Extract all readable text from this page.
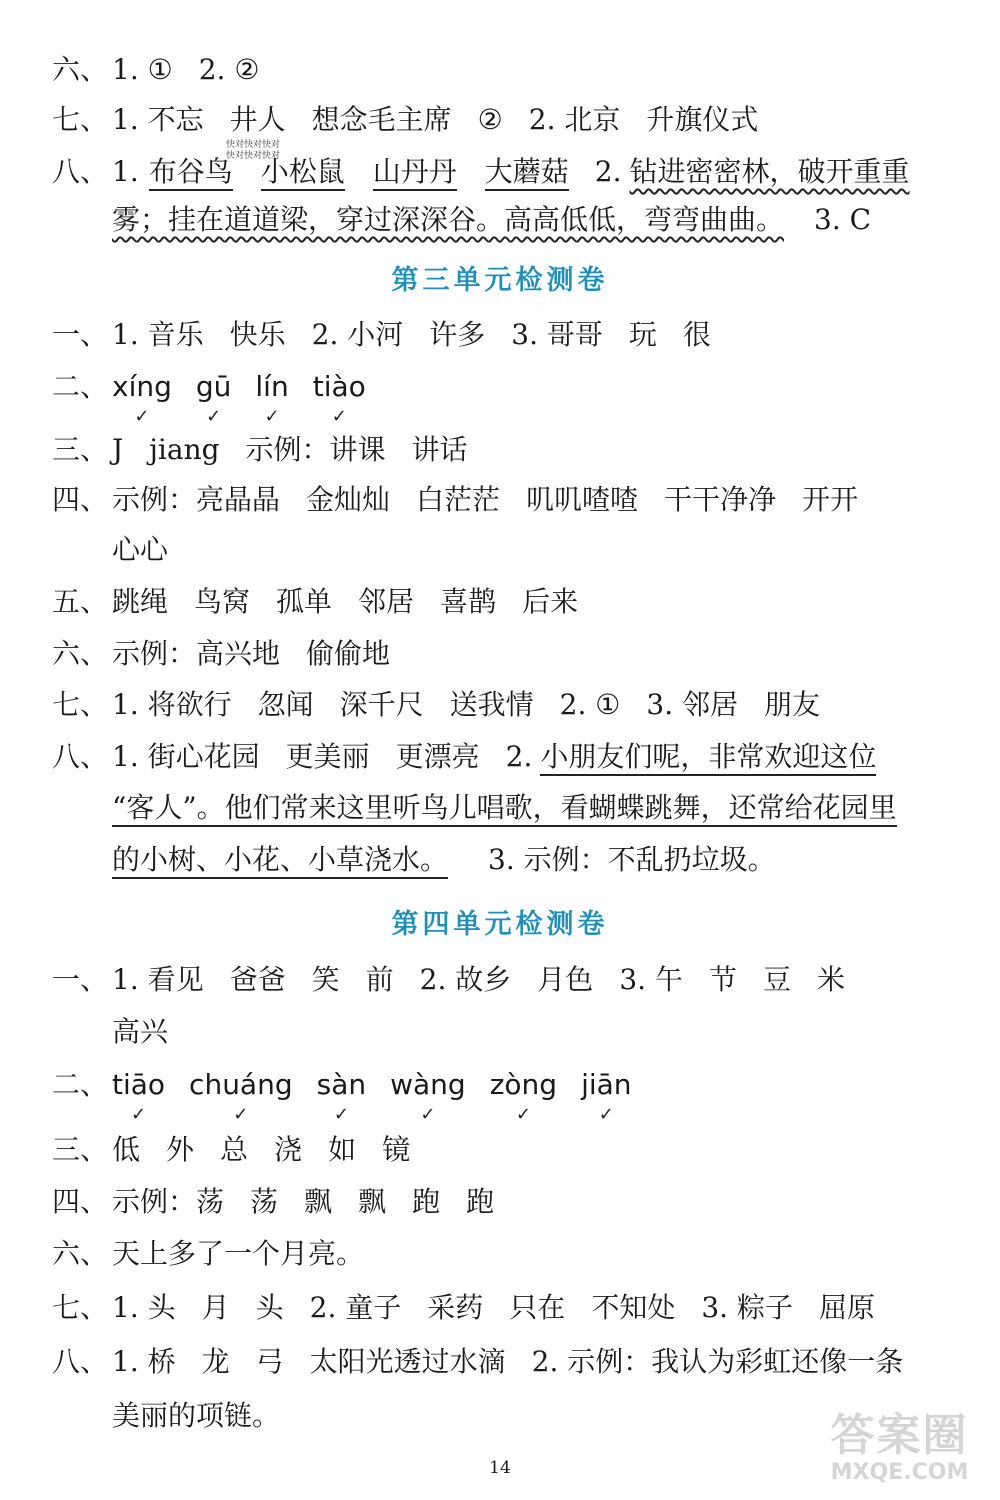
六、 1. ① 2. ②
七、 1. 不忘 井人 想念毛主席 ② 2. 北京 升旗仪式
八、 1. 布谷鸟 小松鼠 山丹丹 大蘑菇 2. 钻进密密林，破开重重
快对快对快对
快对快对快对
雾；挂在道道梁，穿过深深谷。高高低低，弯弯曲曲。 3. C
第三单元检测卷
一、 1. 音乐 快乐 2. 小河 许多 3. 哥哥 玩 很
二、 xíng
✓
gū
✓
lín
✓
tiào
✓
三、 J jiang 示例：讲课 讲话
四、 示例：亮晶晶 金灿灿 白茫茫 叽叽喳喳 干干净净 开开
心心
五、 跳绳 鸟窝 孤单 邻居 喜鹊 后来
六、 示例：高兴地 偷偷地
七、 1. 将欲行 忽闻 深千尺 送我情 2. ① 3. 邻居 朋友
八、 1. 街心花园 更美丽 更漂亮 2. 小朋友们呢，非常欢迎这位
“客人”。他们常来这里听鸟儿唱歌，看蝴蝶跳舞，还常给花园里
的小树、小花、小草浇水。 3. 示例：不乱扔垃圾。
第四单元检测卷
一、 1. 看见 爸爸 笑 前 2. 故乡 月色 3. 午 节 豆 米
高兴
二、 tiāo
✓
chuáng
✓
sàn
✓
wàng
✓
zòng
✓
jiān
✓
三、 低 外 总 浇 如 镜
四、 示例：荡 荡 飘 飘 跑 跑
六、 天上多了一个月亮。
七、 1. 头 月 头 2. 童子 采药 只在 不知处 3. 粽子 屈原
八、 1. 桥 龙 弓 太阳光透过水滴 2. 示例：我认为彩虹还像一条
美丽的项链。
14
答案圈
MXQE.COM
